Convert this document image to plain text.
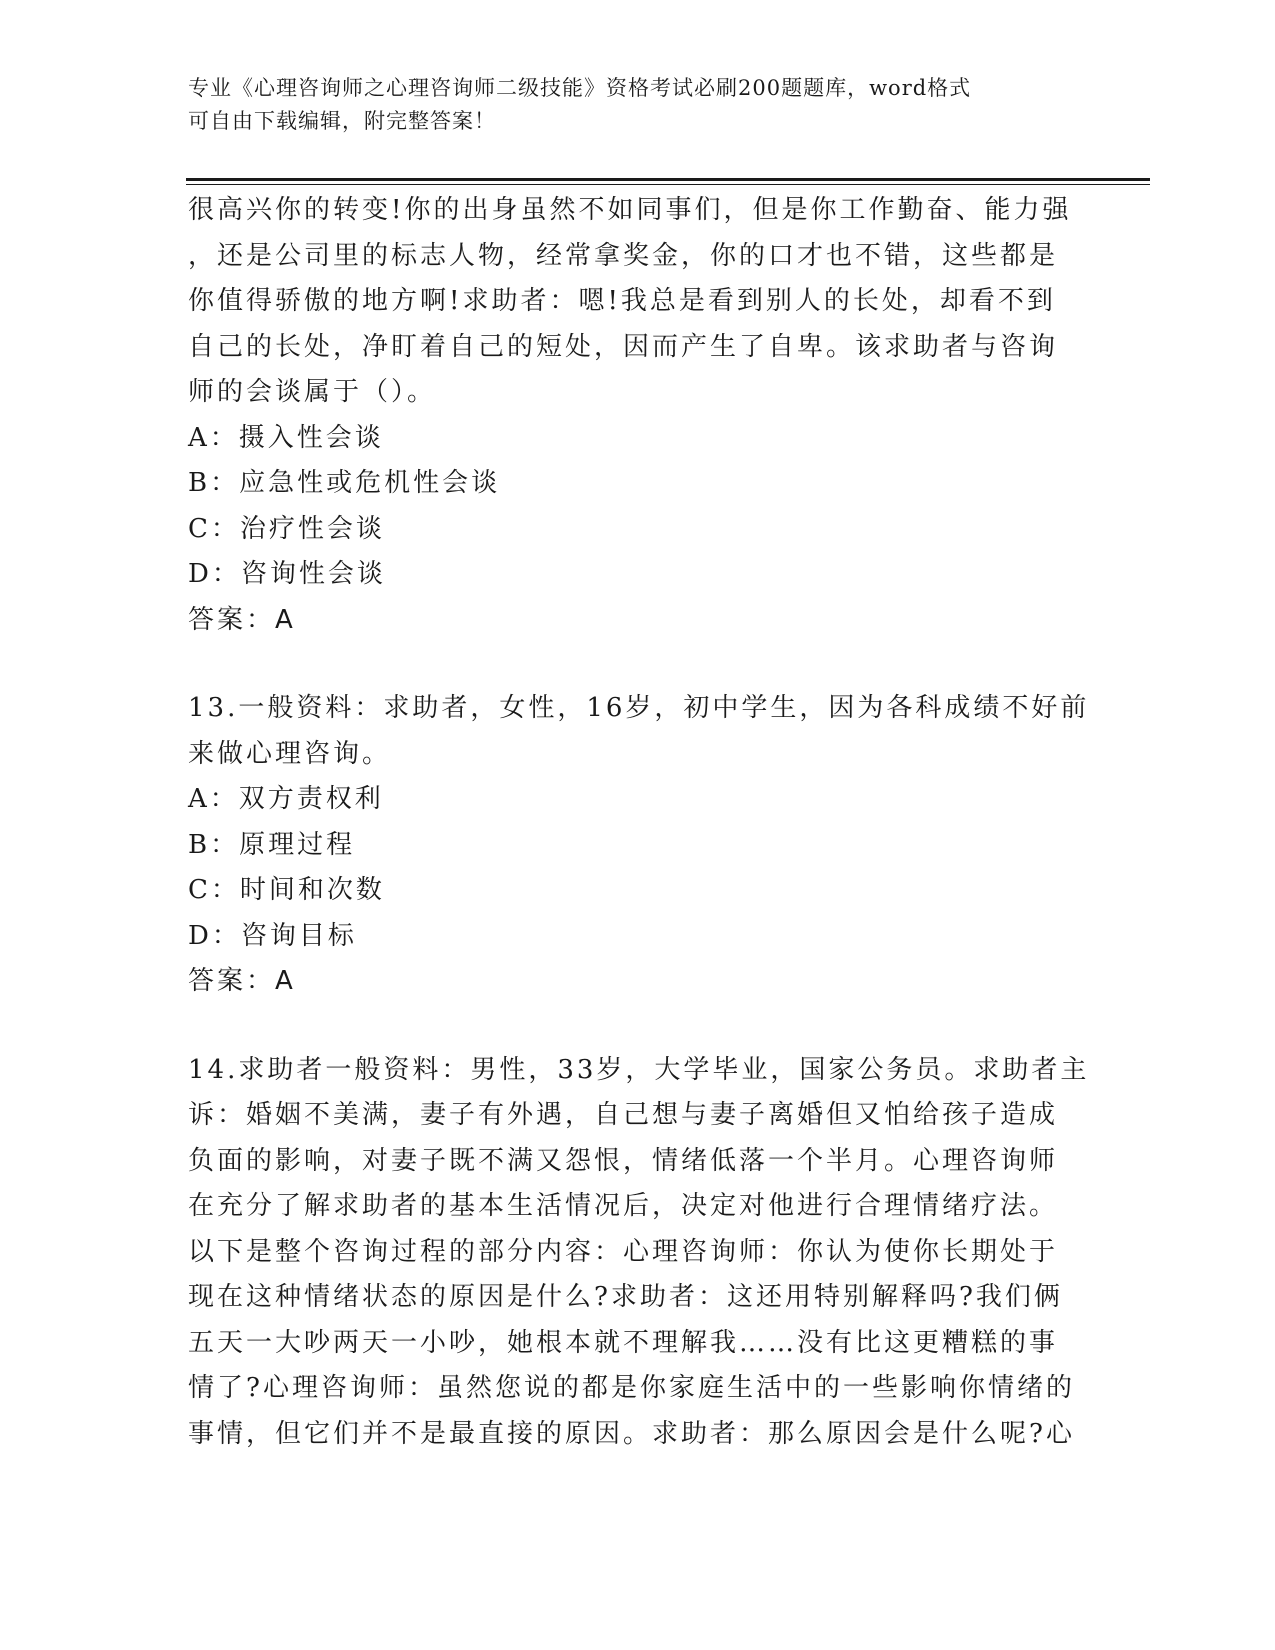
专业《心理咨询师之心理咨询师二级技能》资格考试必刷200题题库，word格式
可自由下载编辑，附完整答案！
很高兴你的转变!你的出身虽然不如同事们，但是你工作勤奋、能力强
，还是公司里的标志人物，经常拿奖金，你的口才也不错，这些都是
你值得骄傲的地方啊!求助者：嗯!我总是看到别人的长处，却看不到
自己的长处，净盯着自己的短处，因而产生了自卑。该求助者与咨询
师的会谈属于（）。
A：摄入性会谈
B：应急性或危机性会谈
C：治疗性会谈
D：咨询性会谈
答案：A
13.一般资料：求助者，女性，16岁，初中学生，因为各科成绩不好前
来做心理咨询。
A：双方责权利
B：原理过程
C：时间和次数
D：咨询目标
答案：A
14.求助者一般资料：男性，33岁，大学毕业，国家公务员。求助者主
诉：婚姻不美满，妻子有外遇，自己想与妻子离婚但又怕给孩子造成
负面的影响，对妻子既不满又怨恨，情绪低落一个半月。心理咨询师
在充分了解求助者的基本生活情况后，决定对他进行合理情绪疗法。
以下是整个咨询过程的部分内容：心理咨询师：你认为使你长期处于
现在这种情绪状态的原因是什么?求助者：这还用特别解释吗?我们俩
五天一大吵两天一小吵，她根本就不理解我……没有比这更糟糕的事
情了?心理咨询师：虽然您说的都是你家庭生活中的一些影响你情绪的
事情，但它们并不是最直接的原因。求助者：那么原因会是什么呢?心
